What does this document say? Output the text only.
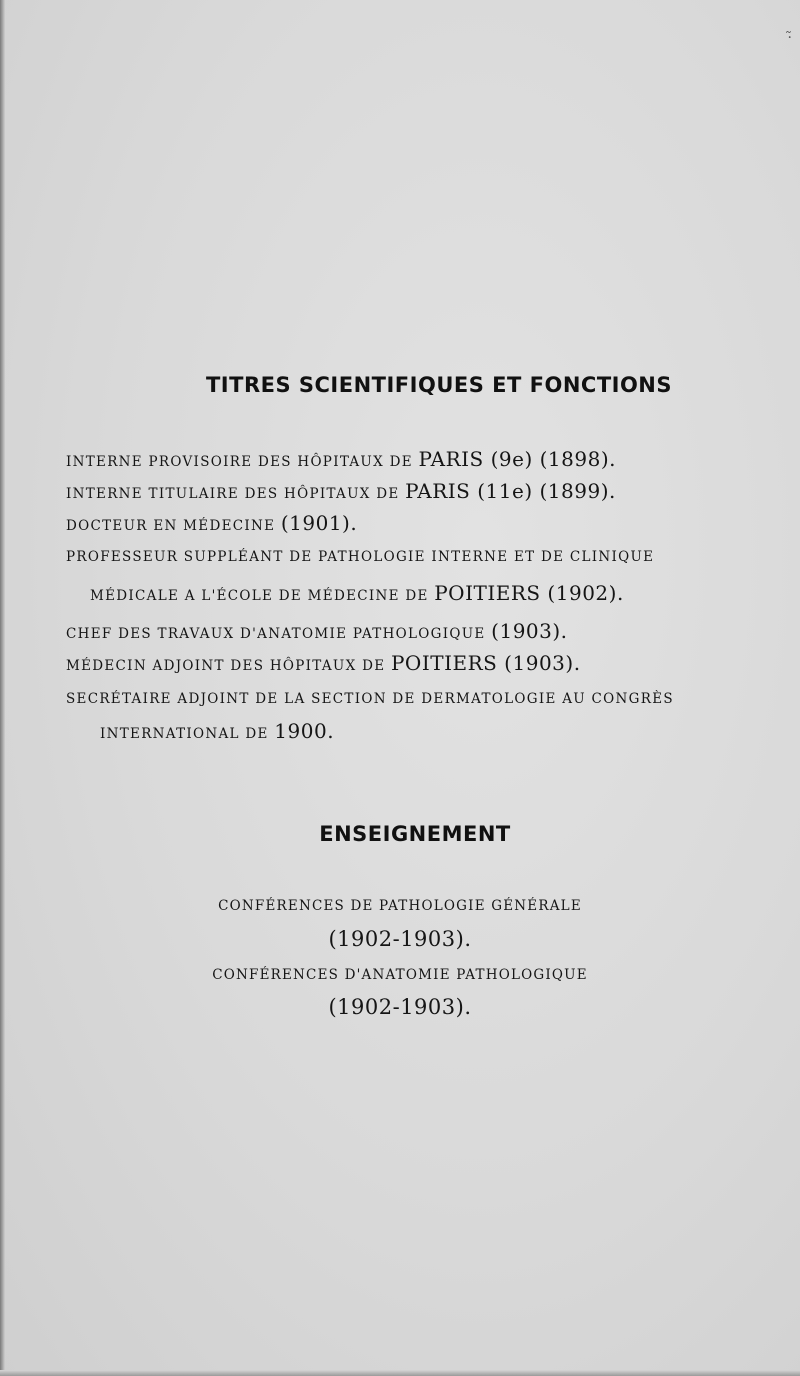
·̃
TITRES SCIENTIFIQUES ET FONCTIONS
INTERNE PROVISOIRE DES HÔPITAUX DE PARIS (9e) (1898).
INTERNE TITULAIRE DES HÔPITAUX DE PARIS (11e) (1899).
DOCTEUR EN MÉDECINE (1901).
PROFESSEUR SUPPLÉANT DE PATHOLOGIE INTERNE ET DE CLINIQUE
MÉDICALE A L'ÉCOLE DE MÉDECINE DE POITIERS (1902).
CHEF DES TRAVAUX D'ANATOMIE PATHOLOGIQUE (1903).
MÉDECIN ADJOINT DES HÔPITAUX DE POITIERS (1903).
SECRÉTAIRE ADJOINT DE LA SECTION DE DERMATOLOGIE AU CONGRÈS
INTERNATIONAL DE 1900.
ENSEIGNEMENT
CONFÉRENCES DE PATHOLOGIE GÉNÉRALE
(1902-1903).
CONFÉRENCES D'ANATOMIE PATHOLOGIQUE
(1902-1903).
